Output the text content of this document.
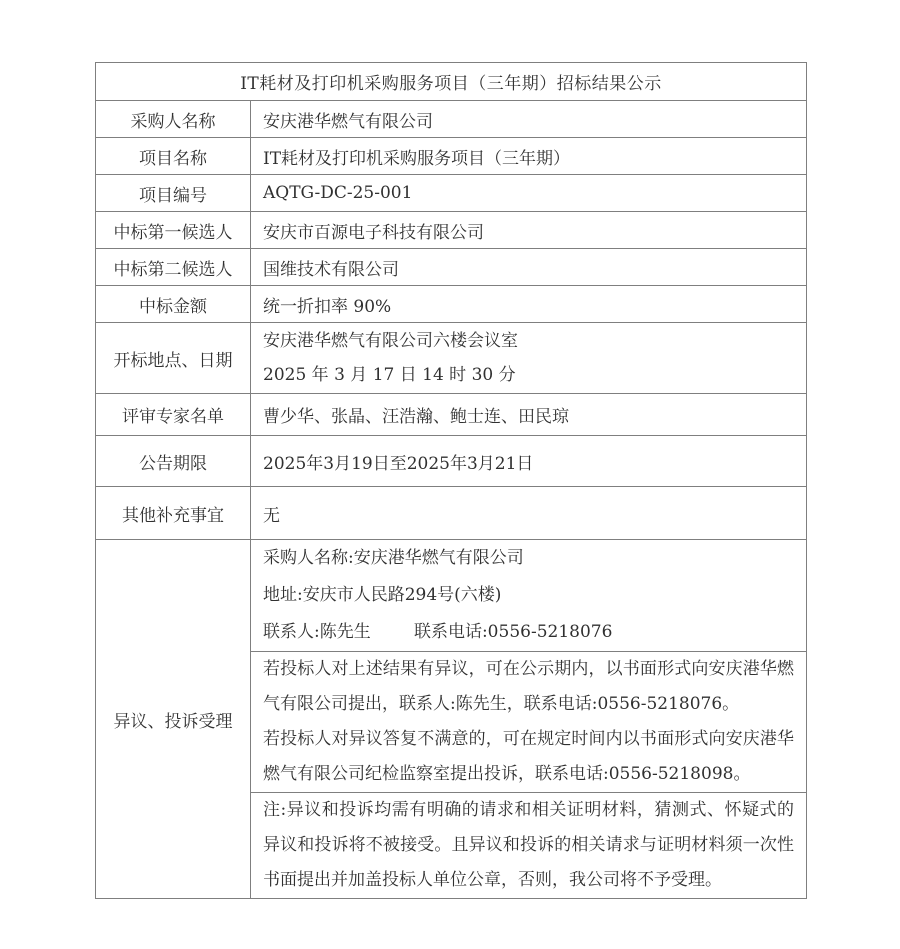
IT耗材及打印机采购服务项目（三年期）招标结果公示	
采购人名称	安庆港华燃气有限公司
项目名称	IT耗材及打印机采购服务项目（三年期）
项目编号	AQTG-DC-25-001
中标第一候选人	安庆市百源电子科技有限公司
中标第二候选人	国维技术有限公司
中标金额	统一折扣率 90%
开标地点、日期	安庆港华燃气有限公司六楼会议室
2025 年 3 月 17 日 14 时 30 分

评审专家名单	曹少华、张晶、汪浩瀚、鲍士连、田民琼
公告期限	2025年3月19日至2025年3月21日
其他补充事宜	无
异议、投诉受理	采购人名称:安庆港华燃气有限公司
地址:安庆市人民路294号(六楼)
联系人:陈先生        联系电话:0556-5218076

	若投标人对上述结果有异议，可在公示期内，以书面形式向安庆港华燃气有限公司提出，联系人:陈先生，联系电话:0556-5218076。
若投标人对异议答复不满意的，可在规定时间内以书面形式向安庆港华燃气有限公司纪检监察室提出投诉，联系电话:0556-5218098。

	注:异议和投诉均需有明确的请求和相关证明材料，猜测式、怀疑式的异议和投诉将不被接受。且异议和投诉的相关请求与证明材料须一次性书面提出并加盖投标人单位公章，否则，我公司将不予受理。
